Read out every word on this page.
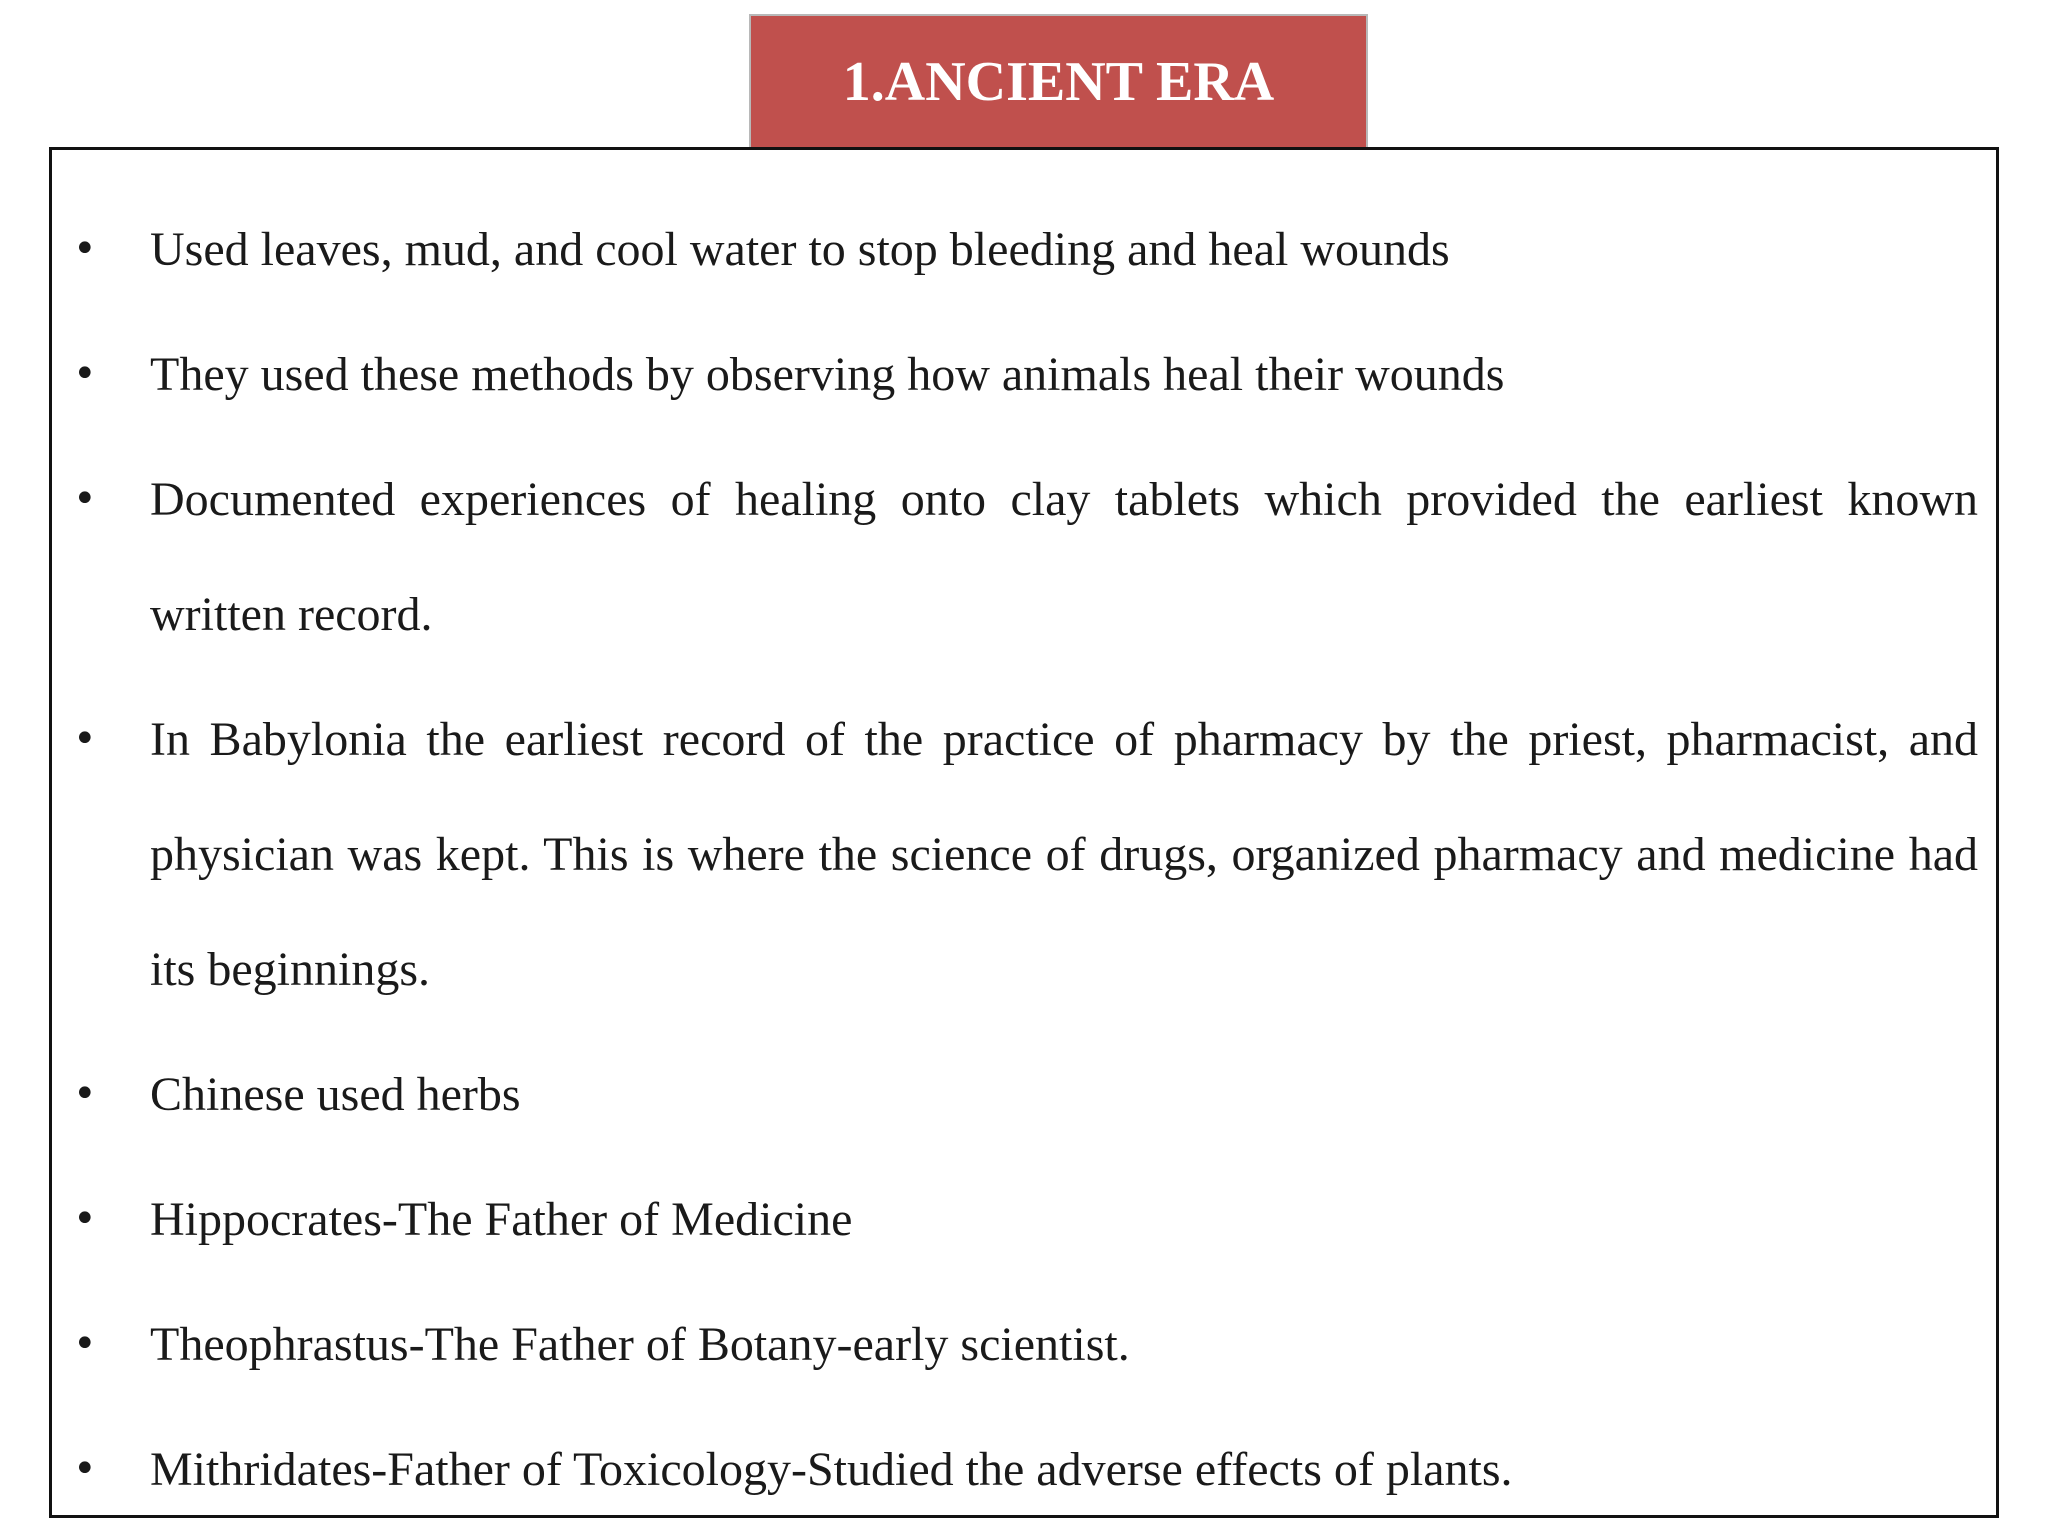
1.ANCIENT ERA
• Used leaves, mud, and cool water to stop bleeding and heal wounds
• They used these methods by observing how animals heal their wounds
• Documented experiences of healing onto clay tablets which provided the earliest known written record.
• In Babylonia the earliest record of the practice of pharmacy by the priest, pharmacist, and physician was kept. This is where the science of drugs, organized pharmacy and medicine had its beginnings.
• Chinese used herbs
• Hippocrates-The Father of Medicine
• Theophrastus-The Father of Botany-early scientist.
• Mithridates-Father of Toxicology-Studied the adverse effects of plants.
